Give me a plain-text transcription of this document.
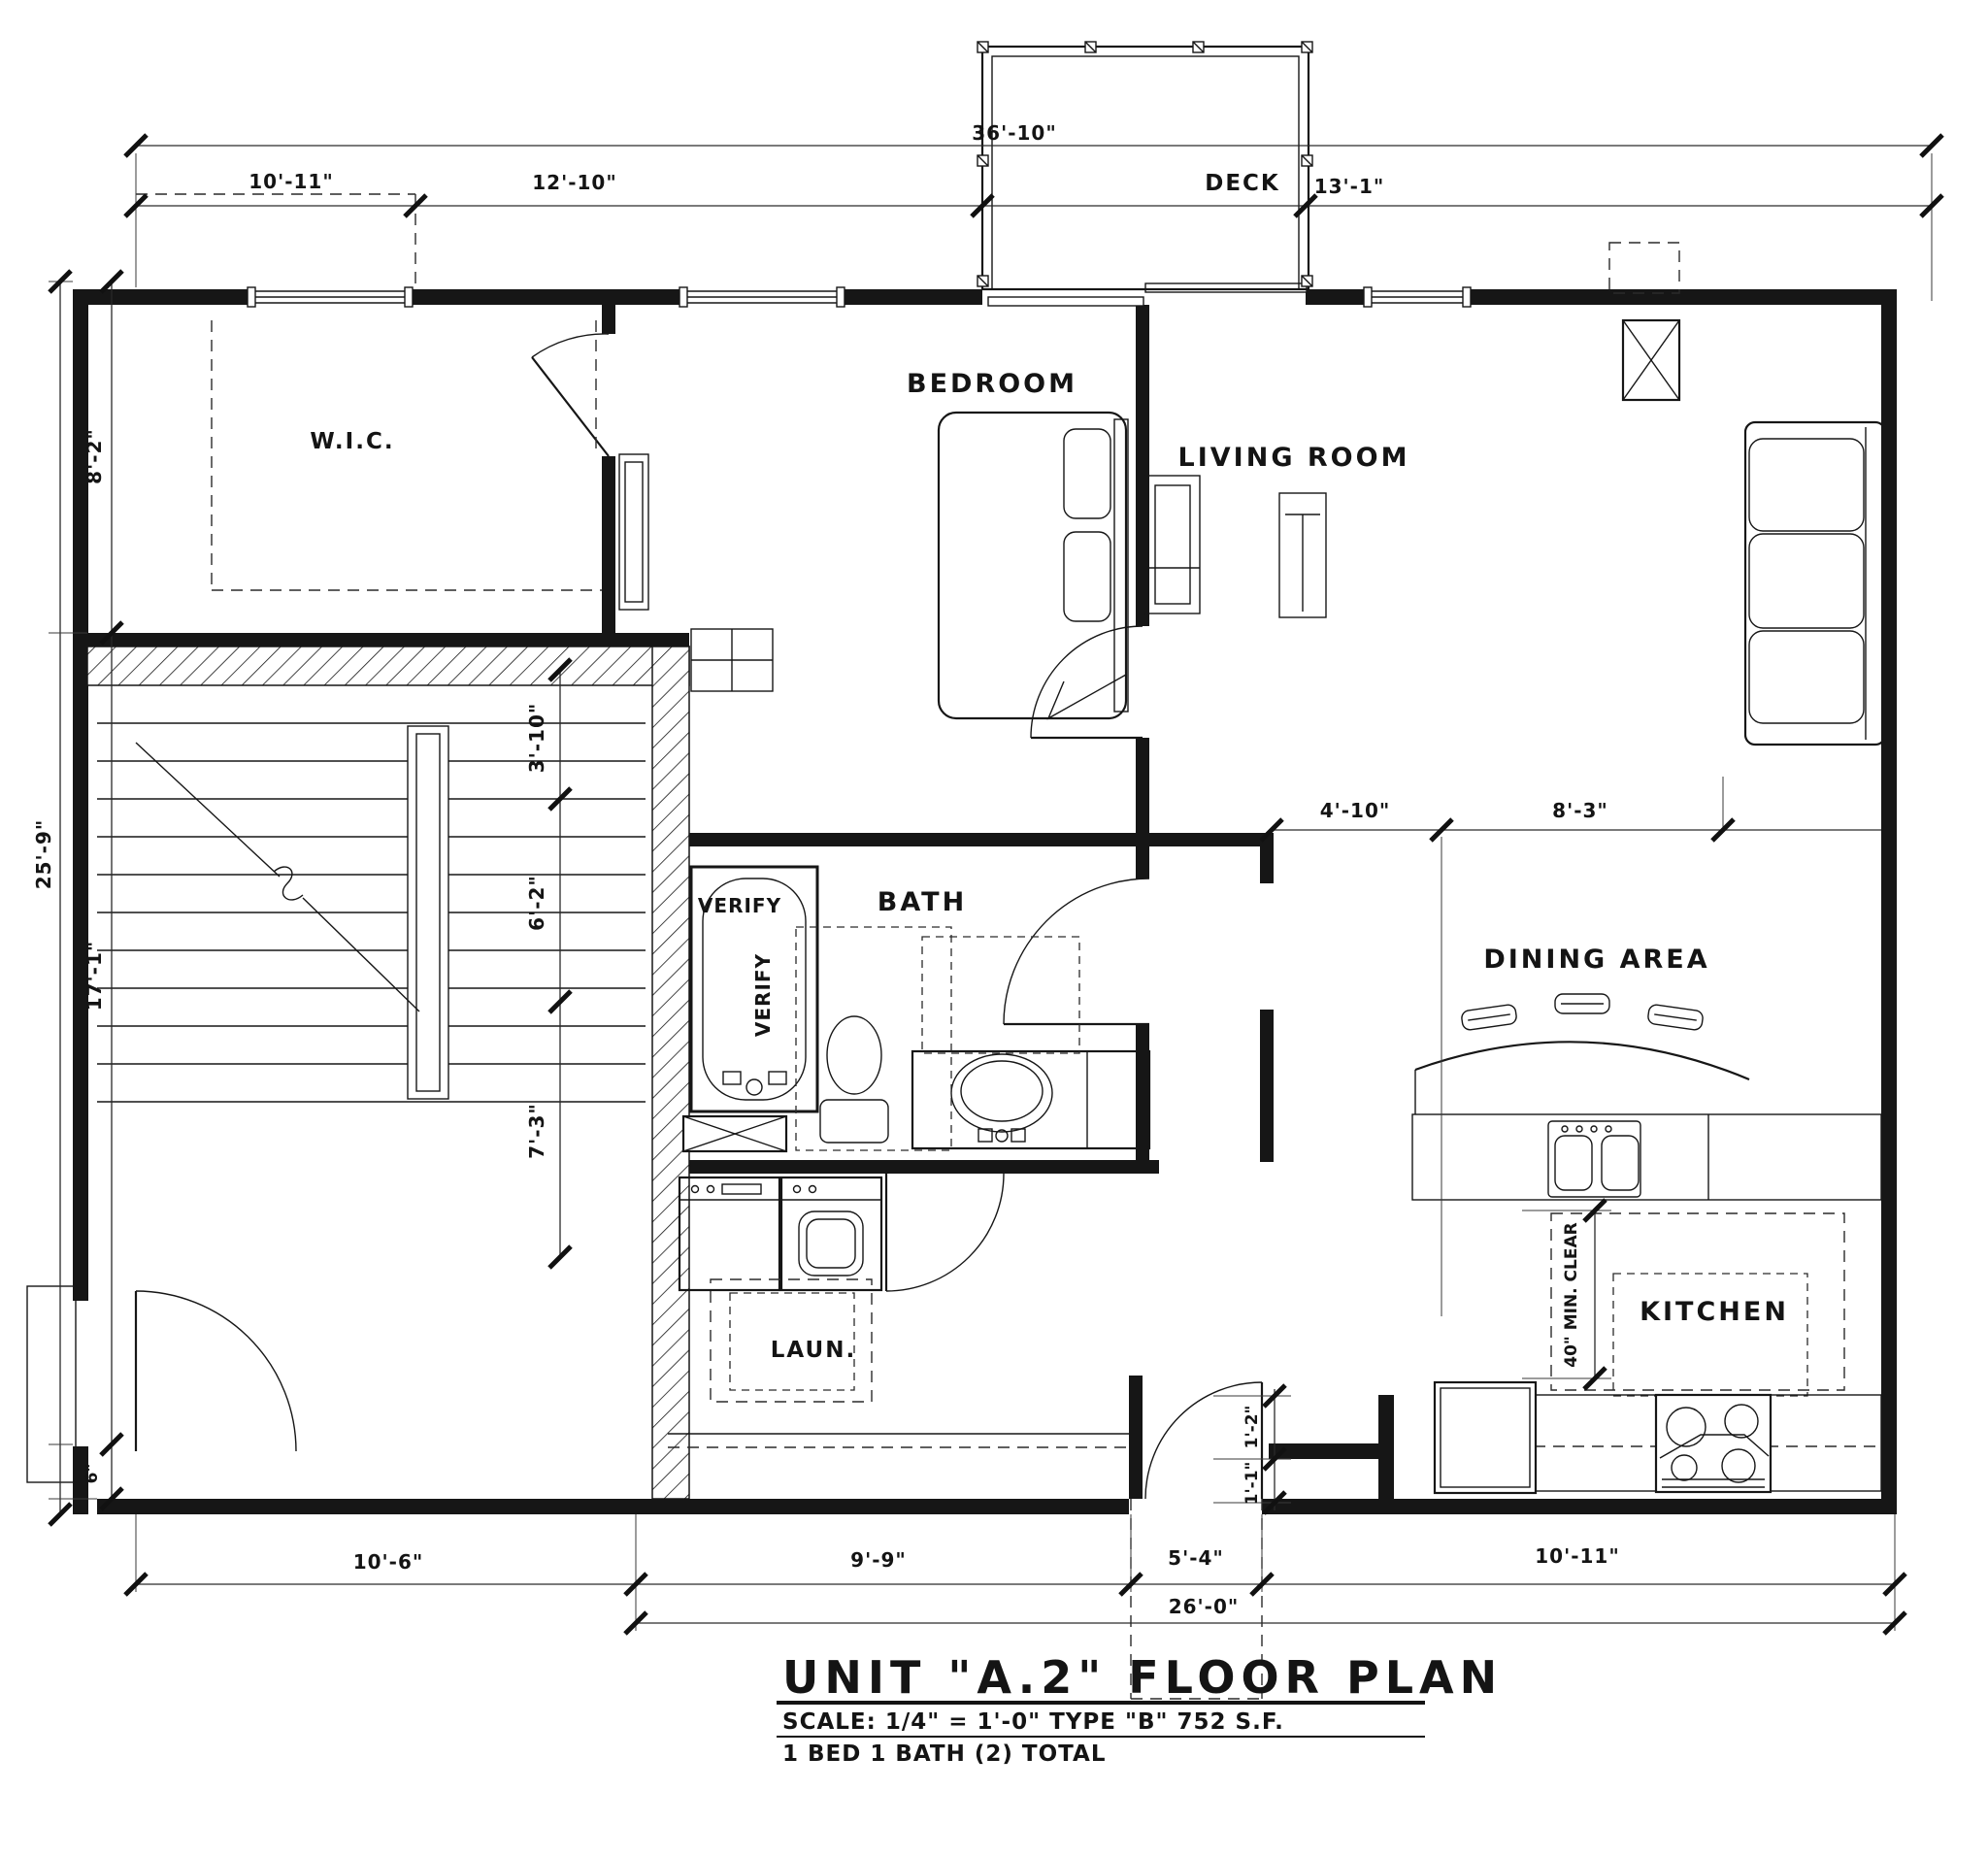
36'-10"
10'-11"	12'-10"	DECK 13'-1"
25'-9"
8'-2"
17'-1"
6"
3'-10"
6'-2"
7'-3"
W.I.C.
BEDROOM
LIVING ROOM
BATH
VERIFY
VERIFY
LAUN.
4'-10"	8'-3"
DINING AREA
40" MIN. CLEAR KITCHEN
1'-2"
1'-1"
10'-6"	9'-9"	5'-4"	10'-11"
26'-0"
UNIT "A.2" FLOOR PLAN
SCALE: 1/4" = 1'-0" TYPE "B" 752 S.F.
1 BED 1 BATH (2) TOTAL
